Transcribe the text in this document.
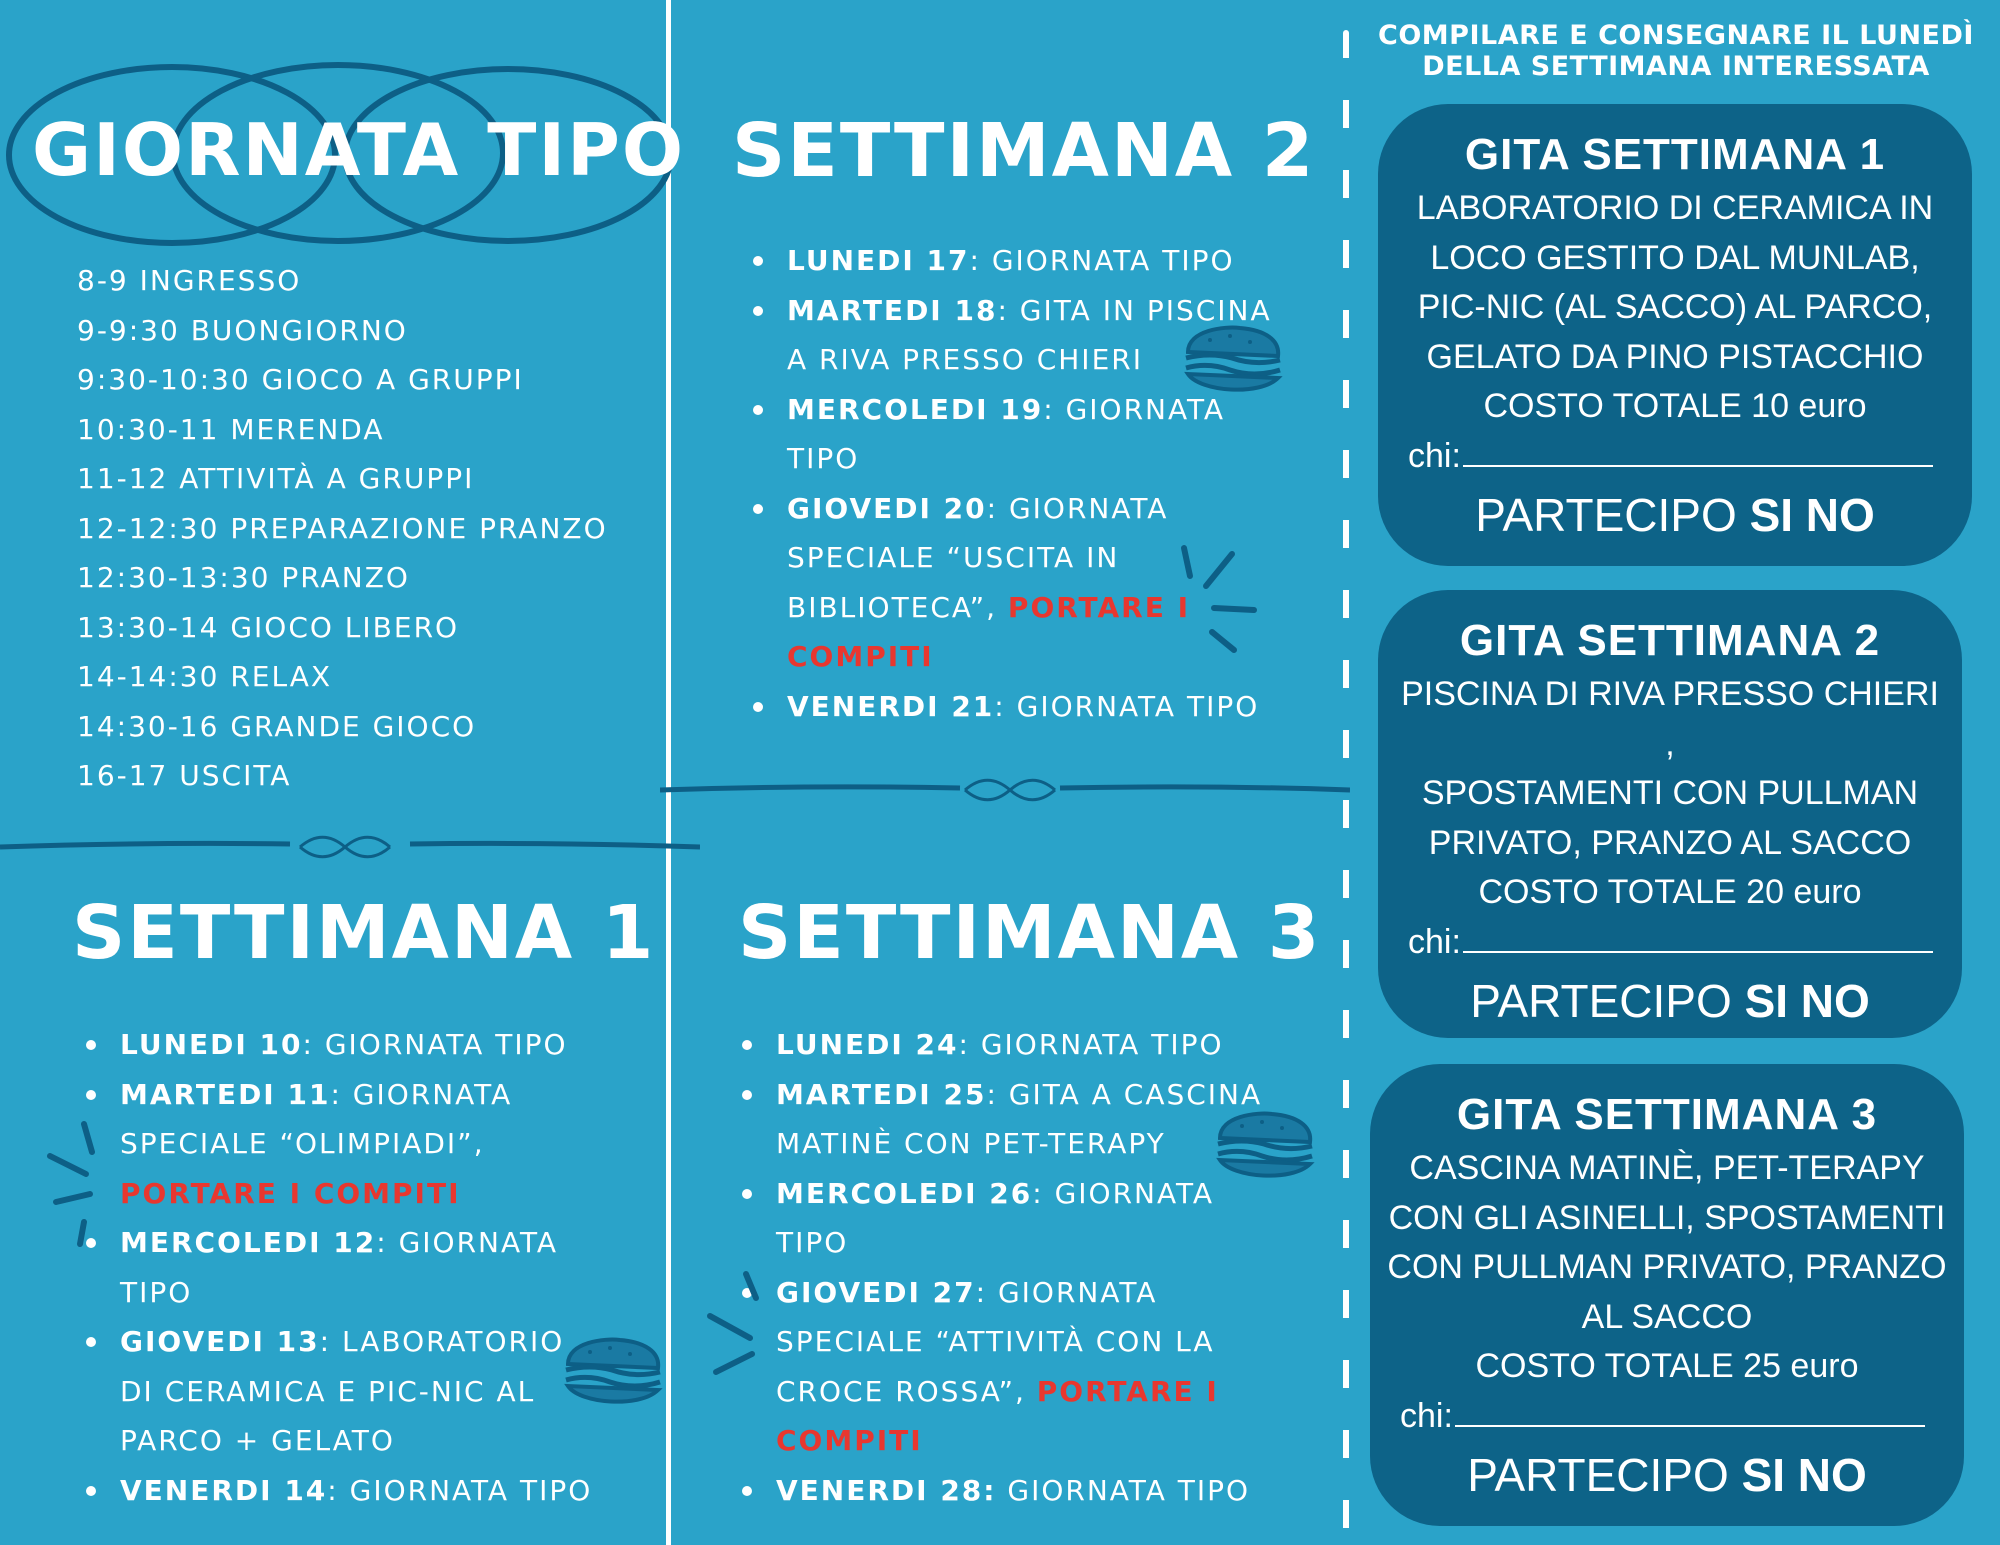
GIORNATA TIPO
8-9 INGRESSO
9-9:30 BUONGIORNO
9:30-10:30 GIOCO A GRUPPI
10:30-11 MERENDA
11-12 ATTIVITÀ A GRUPPI
12-12:30 PREPARAZIONE PRANZO
12:30-13:30 PRANZO
13:30-14 GIOCO LIBERO
14-14:30 RELAX
14:30-16 GRANDE GIOCO
16-17 USCITA
SETTIMANA 2
LUNEDI 17: GIORNATA TIPO
MARTEDI 18: GITA IN PISCINA A RIVA PRESSO CHIERI
MERCOLEDI 19: GIORNATA TIPO
GIOVEDI 20: GIORNATA SPECIALE “USCITA IN BIBLIOTECA”, PORTARE I COMPITI
VENERDI 21: GIORNATA TIPO
SETTIMANA 1
LUNEDI 10: GIORNATA TIPO
MARTEDI 11: GIORNATA SPECIALE “OLIMPIADI”, PORTARE I COMPITI
MERCOLEDI 12: GIORNATA TIPO
GIOVEDI 13: LABORATORIO DI CERAMICA E PIC-NIC AL PARCO + GELATO
VENERDI 14: GIORNATA TIPO
SETTIMANA 3
LUNEDI 24: GIORNATA TIPO
MARTEDI 25: GITA A CASCINA MATINÈ CON PET-TERAPY
MERCOLEDI 26: GIORNATA TIPO
GIOVEDI 27: GIORNATA SPECIALE “ATTIVITÀ CON LA CROCE ROSSA”, PORTARE I COMPITI
VENERDI 28: GIORNATA TIPO
COMPILARE E CONSEGNARE IL LUNEDÌ
DELLA SETTIMANA INTERESSATA
GITA SETTIMANA 1
LABORATORIO DI CERAMICA IN
LOCO GESTITO DAL MUNLAB,
PIC-NIC (AL SACCO) AL PARCO,
GELATO DA PINO PISTACCHIO
COSTO TOTALE 10 euro
chi:
PARTECIPO SI NO
GITA SETTIMANA 2
PISCINA DI RIVA PRESSO CHIERI ,
SPOSTAMENTI CON PULLMAN
PRIVATO, PRANZO AL SACCO
COSTO TOTALE 20 euro
chi:
PARTECIPO SI NO
GITA SETTIMANA 3
CASCINA MATINÈ, PET-TERAPY
CON GLI ASINELLI, SPOSTAMENTI
CON PULLMAN PRIVATO, PRANZO
AL SACCO
COSTO TOTALE 25 euro
chi:
PARTECIPO SI NO
